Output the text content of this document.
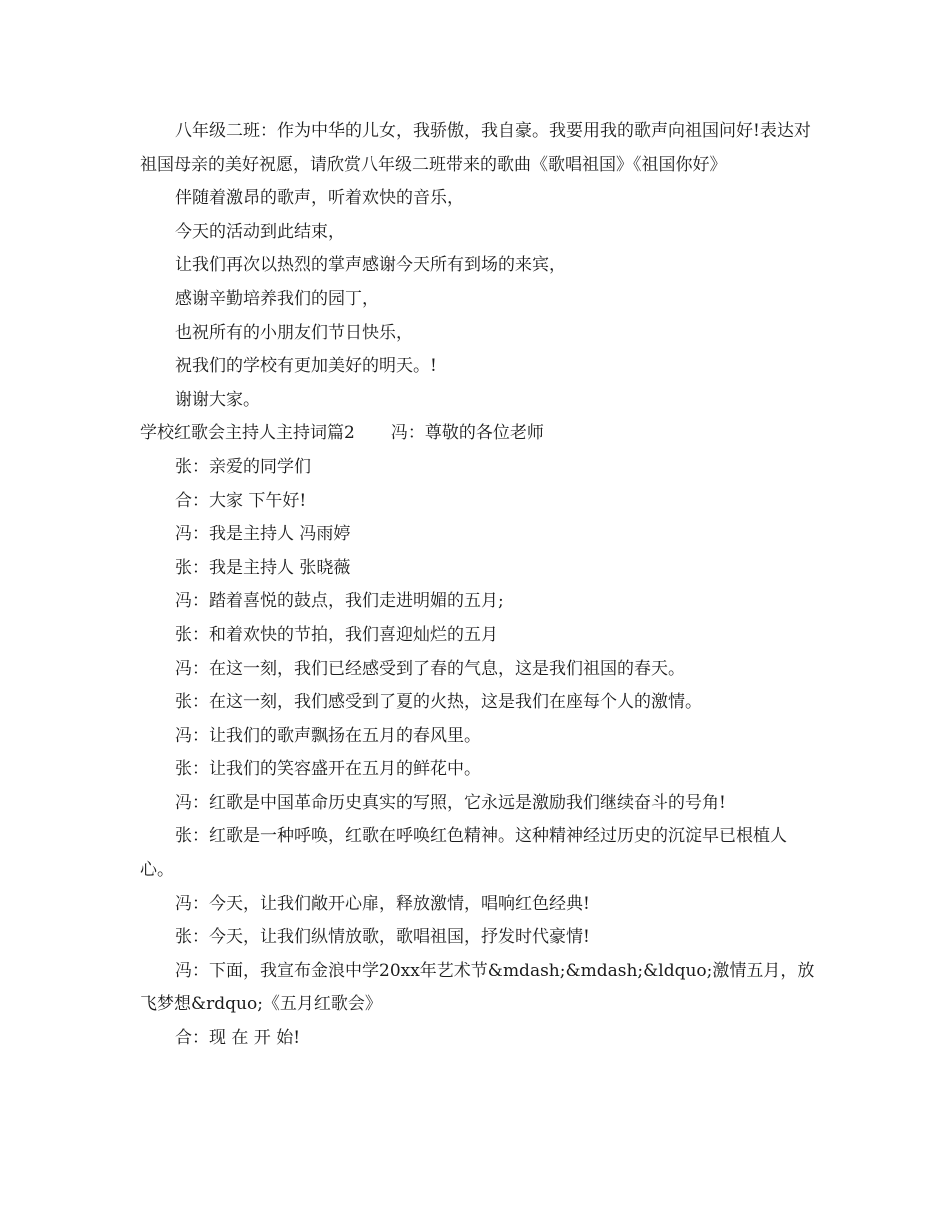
八年级二班：作为中华的儿女，我骄傲，我自豪。我要用我的歌声向祖国问好!表达对祖国母亲的美好祝愿，请欣赏八年级二班带来的歌曲《歌唱祖国》《祖国你好》

伴随着激昂的歌声，听着欢快的音乐，

今天的活动到此结束，

让我们再次以热烈的掌声感谢今天所有到场的来宾，

感谢辛勤培养我们的园丁，

也祝所有的小朋友们节日快乐，

祝我们的学校有更加美好的明天。!

谢谢大家。

学校红歌会主持人主持词篇2 冯：尊敬的各位老师

张：亲爱的同学们

合：大家 下午好!

冯：我是主持人 冯雨婷

张：我是主持人 张晓薇

冯：踏着喜悦的鼓点，我们走进明媚的五月;

张：和着欢快的节拍，我们喜迎灿烂的五月

冯：在这一刻，我们已经感受到了春的气息，这是我们祖国的春天。

张：在这一刻，我们感受到了夏的火热，这是我们在座每个人的激情。

冯：让我们的歌声飘扬在五月的春风里。

张：让我们的笑容盛开在五月的鲜花中。

冯：红歌是中国革命历史真实的写照，它永远是激励我们继续奋斗的号角!

张：红歌是一种呼唤，红歌在呼唤红色精神。这种精神经过历史的沉淀早已根植人心。

冯：今天，让我们敞开心扉，释放激情，唱响红色经典!

张：今天，让我们纵情放歌，歌唱祖国，抒发时代豪情!

冯：下面，我宣布金浪中学20xx年艺术节&mdash;&mdash;&ldquo;激情五月，放飞梦想&rdquo;《五月红歌会》

合：现 在 开 始!
